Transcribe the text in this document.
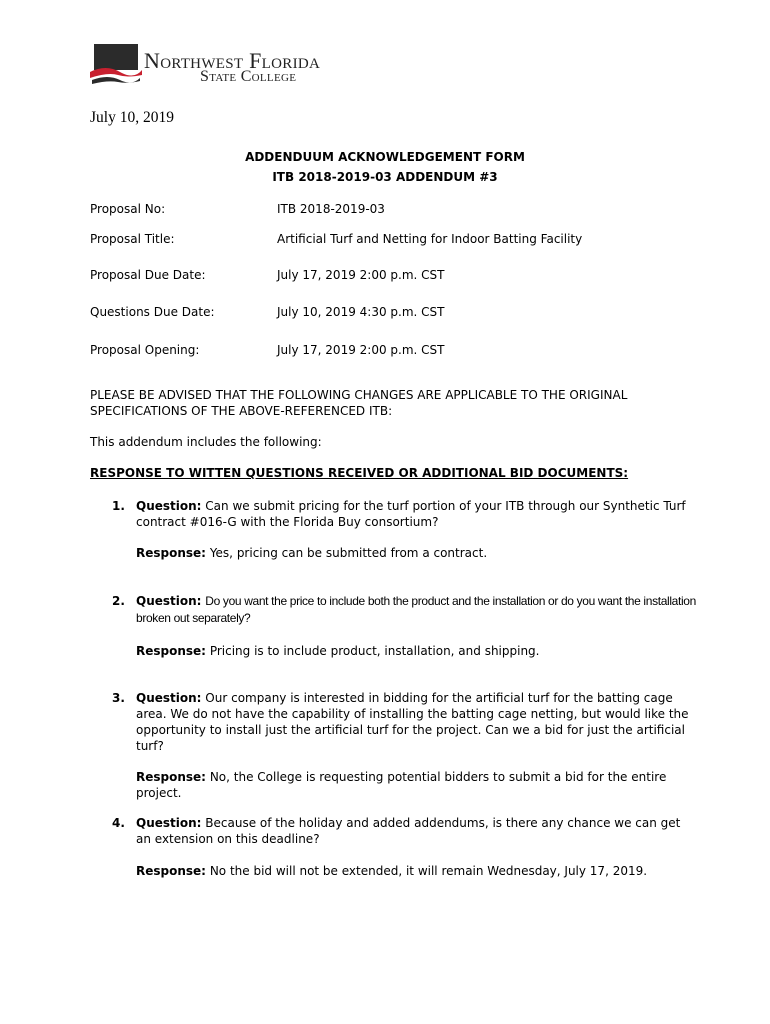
Northwest Florida
State College
July 10, 2019
ADDENDUUM ACKNOWLEDGEMENT FORM
ITB 2018-2019-03 ADDENDUM #3
Proposal No:	ITB 2018-2019-03
Proposal Title:	Artificial Turf and Netting for Indoor Batting Facility
Proposal Due Date:	July 17, 2019 2:00 p.m. CST
Questions Due Date:	July 10, 2019 4:30 p.m. CST
Proposal Opening:	July 17, 2019 2:00 p.m. CST
PLEASE BE ADVISED THAT THE FOLLOWING CHANGES ARE APPLICABLE TO THE ORIGINAL SPECIFICATIONS OF THE ABOVE-REFERENCED ITB:
This addendum includes the following:
RESPONSE TO WITTEN QUESTIONS RECEIVED OR ADDITIONAL BID DOCUMENTS:
1. Question: Can we submit pricing for the turf portion of your ITB through our Synthetic Turf contract #016-G with the Florida Buy consortium?
Response: Yes, pricing can be submitted from a contract.
2. Question: Do you want the price to include both the product and the installation or do you want the installation broken out separately?
Response: Pricing is to include product, installation, and shipping.
3. Question: Our company is interested in bidding for the artificial turf for the batting cage area. We do not have the capability of installing the batting cage netting, but would like the opportunity to install just the artificial turf for the project. Can we a bid for just the artificial turf?
Response: No, the College is requesting potential bidders to submit a bid for the entire project.
4. Question: Because of the holiday and added addendums, is there any chance we can get an extension on this deadline?
Response: No the bid will not be extended, it will remain Wednesday, July 17, 2019.
